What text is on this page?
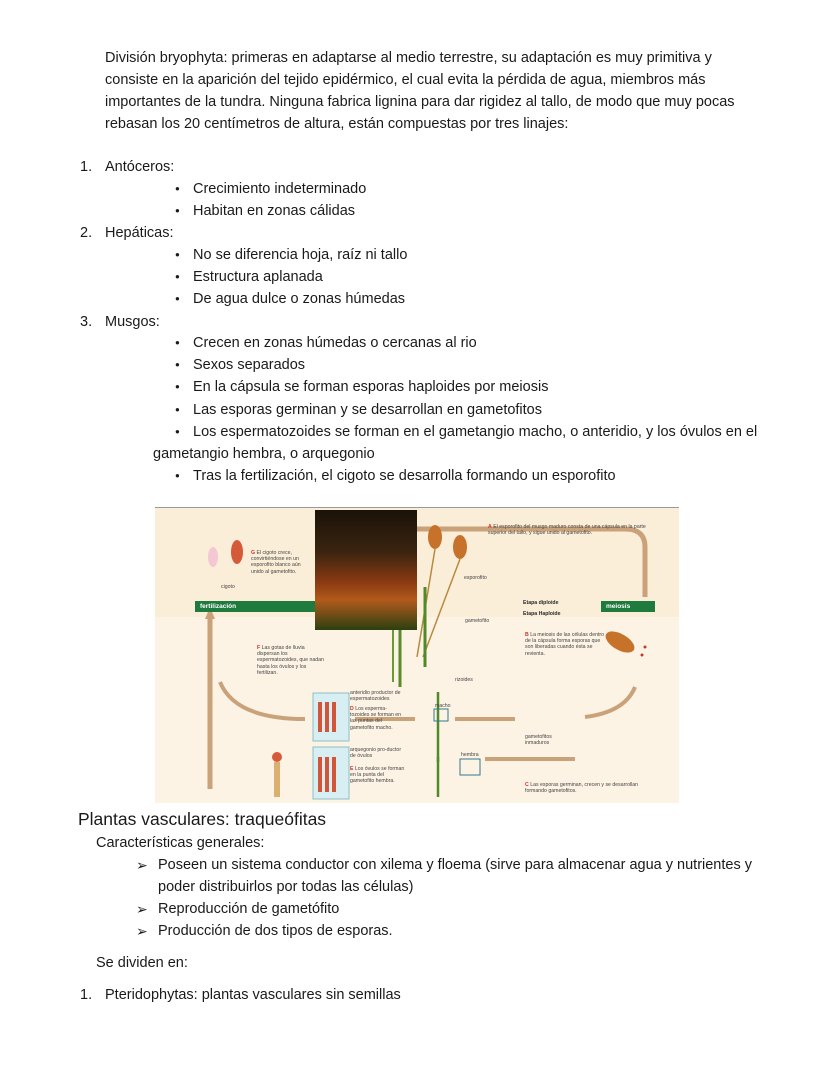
División bryophyta: primeras en adaptarse al medio terrestre, su adaptación es muy primitiva y consiste en la aparición del tejido epidérmico, el cual evita la pérdida de agua, miembros más importantes de la tundra. Ninguna fabrica lignina para dar rigidez al tallo, de modo que muy pocas rebasan los 20 centímetros de altura, están compuestas por tres linajes:
1. Antóceros:
● Crecimiento indeterminado
● Habitan en zonas cálidas
2. Hepáticas:
● No se diferencia hoja, raíz ni tallo
● Estructura aplanada
● De agua dulce o zonas húmedas
3. Musgos:
● Crecen en zonas húmedas o cercanas al rio
● Sexos separados
● En la cápsula se forman esporas haploides por meiosis
● Las esporas germinan y se desarrollan en gametofitos
● Los espermatozoides se forman en el gametangio macho, o anteridio, y los óvulos en el
gametangio hembra, o arquegonio
● Tras la fertilización, el cigoto se desarrolla formando un esporofito
fertilización	meiosis
Etapa diploide
Etapa Haploide
A El esporofito del musgo maduro consta de una cápsula en la parte superior del tallo, y sigue unido al gametofito.
B La meiosis de las células dentro de la cápsula forma esporas que son liberadas cuando ésta se revienta.
C Las esporas germinan, crecen y se desarrollan formando gametofitos.
anteridio productor de espermatozoides
D Los esperma-tozoides se forman en las puntas del gametofito macho.
arquegonio pro-ductor de óvulos
E Los óvulos se forman en la punta del gametofito hembra.
F Las gotas de lluvia dispersan los espermatozoides, que nadan hasta los óvulos y los fertilizan.
G El cigoto crece, convirtiéndose en un esporofito blanco aún unido al gametofito.
cigoto
esporofito
gametofito
rizoides
macho
hembra
gametofitos inmaduros
Plantas vasculares: traqueófitas
Características generales:
➢ Poseen un sistema conductor con xilema y floema (sirve para almacenar agua y nutrientes y
poder distribuirlos por todas las células)
➢ Reproducción de gametófito
➢ Producción de dos tipos de esporas.
Se dividen en:
1. Pteridophytas: plantas vasculares sin semillas
